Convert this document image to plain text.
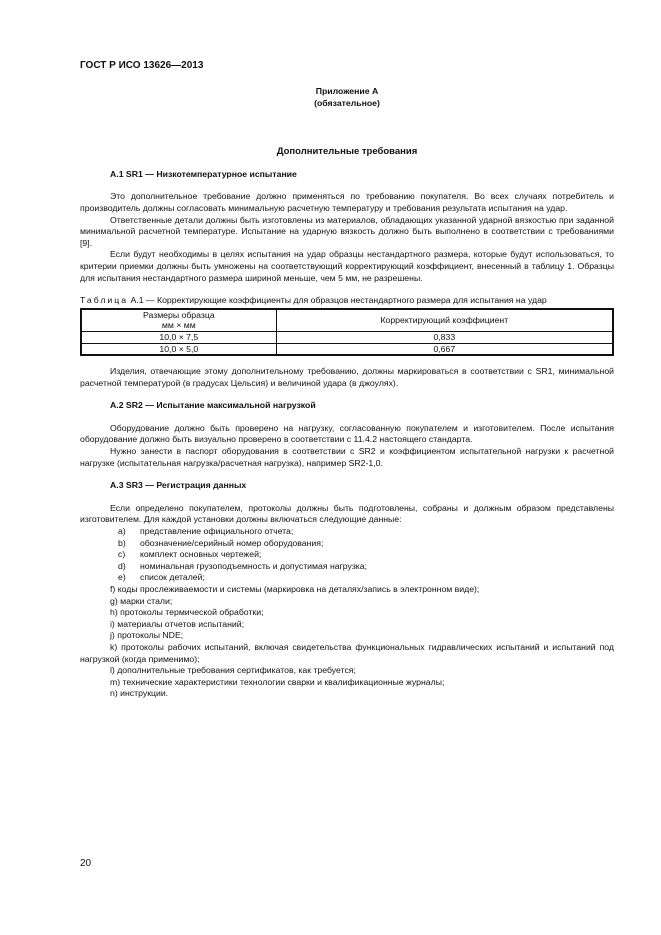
ГОСТ Р ИСО 13626—2013
Приложение А
(обязательное)
Дополнительные требования
А.1 SR1 — Низкотемпературное испытание

Это дополнительное требование должно применяться по требованию покупателя. Во всех случаях потребитель и производитель должны согласовать минимальную расчетную температуру и требования результата испытания на удар.

Ответственные детали должны быть изготовлены из материалов, обладающих указанной ударной вязкостью при заданной минимальной расчетной температуре. Испытание на ударную вязкость должно быть выполнено в соответствии с требованиями [9].

Если будут необходимы в целях испытания на удар образцы нестандартного размера, которые будут использоваться, то критерии приемки должны быть умножены на соответствующий корректирующий коэффициент, внесенный в таблицу 1. Образцы для испытания нестандартного размера шириной меньше, чем 5 мм, не разрешены.

Таблица А.1 — Корректирующие коэффициенты для образцов нестандартного размера для испытания на удар
Размеры образца
мм × мм	Корректирующий коэффициент
10,0 × 7,5	0,833
10,0 × 5,0	0,667

Изделия, отвечающие этому дополнительному требованию, должны маркироваться в соответствии с SR1, минимальной расчетной температурой (в градусах Цельсия) и величиной удара (в джоулях).

А.2 SR2 — Испытание максимальной нагрузкой

Оборудование должно быть проверено на нагрузку, согласованную покупателем и изготовителем. После испытания оборудование должно быть визуально проверено в соответствии с 11.4.2 настоящего стандарта.

Нужно занести в паспорт оборудования в соответствии с SR2 и коэффициентом испытательной нагрузки к расчетной нагрузке (испытательная нагрузка/расчетная нагрузка), например SR2-1,0.

А.3 SR3 — Регистрация данных

Если определено покупателем, протоколы должны быть подготовлены, собраны и должным образом представлены изготовителем. Для каждой установки должны включаться следующие данные:

a)	представление официального отчета;
b)	обозначение/серийный номер оборудования;
c)	комплект основных чертежей;
d)	номинальная грузоподъемность и допустимая нагрузка;
e)	список деталей;

f) коды прослеживаемости и системы (маркировка на деталях/запись в электронном виде);

g) марки стали;

h) протоколы термической обработки;

i) материалы отчетов испытаний;

j) протоколы NDE;

k) протоколы рабочих испытаний, включая свидетельства функциональных гидравлических испытаний и испытаний под нагрузкой (когда применимо);

l) дополнительные требования сертификатов, как требуется;

m) технические характеристики технологии сварки и квалификационные журналы;

n) инструкции.

20
